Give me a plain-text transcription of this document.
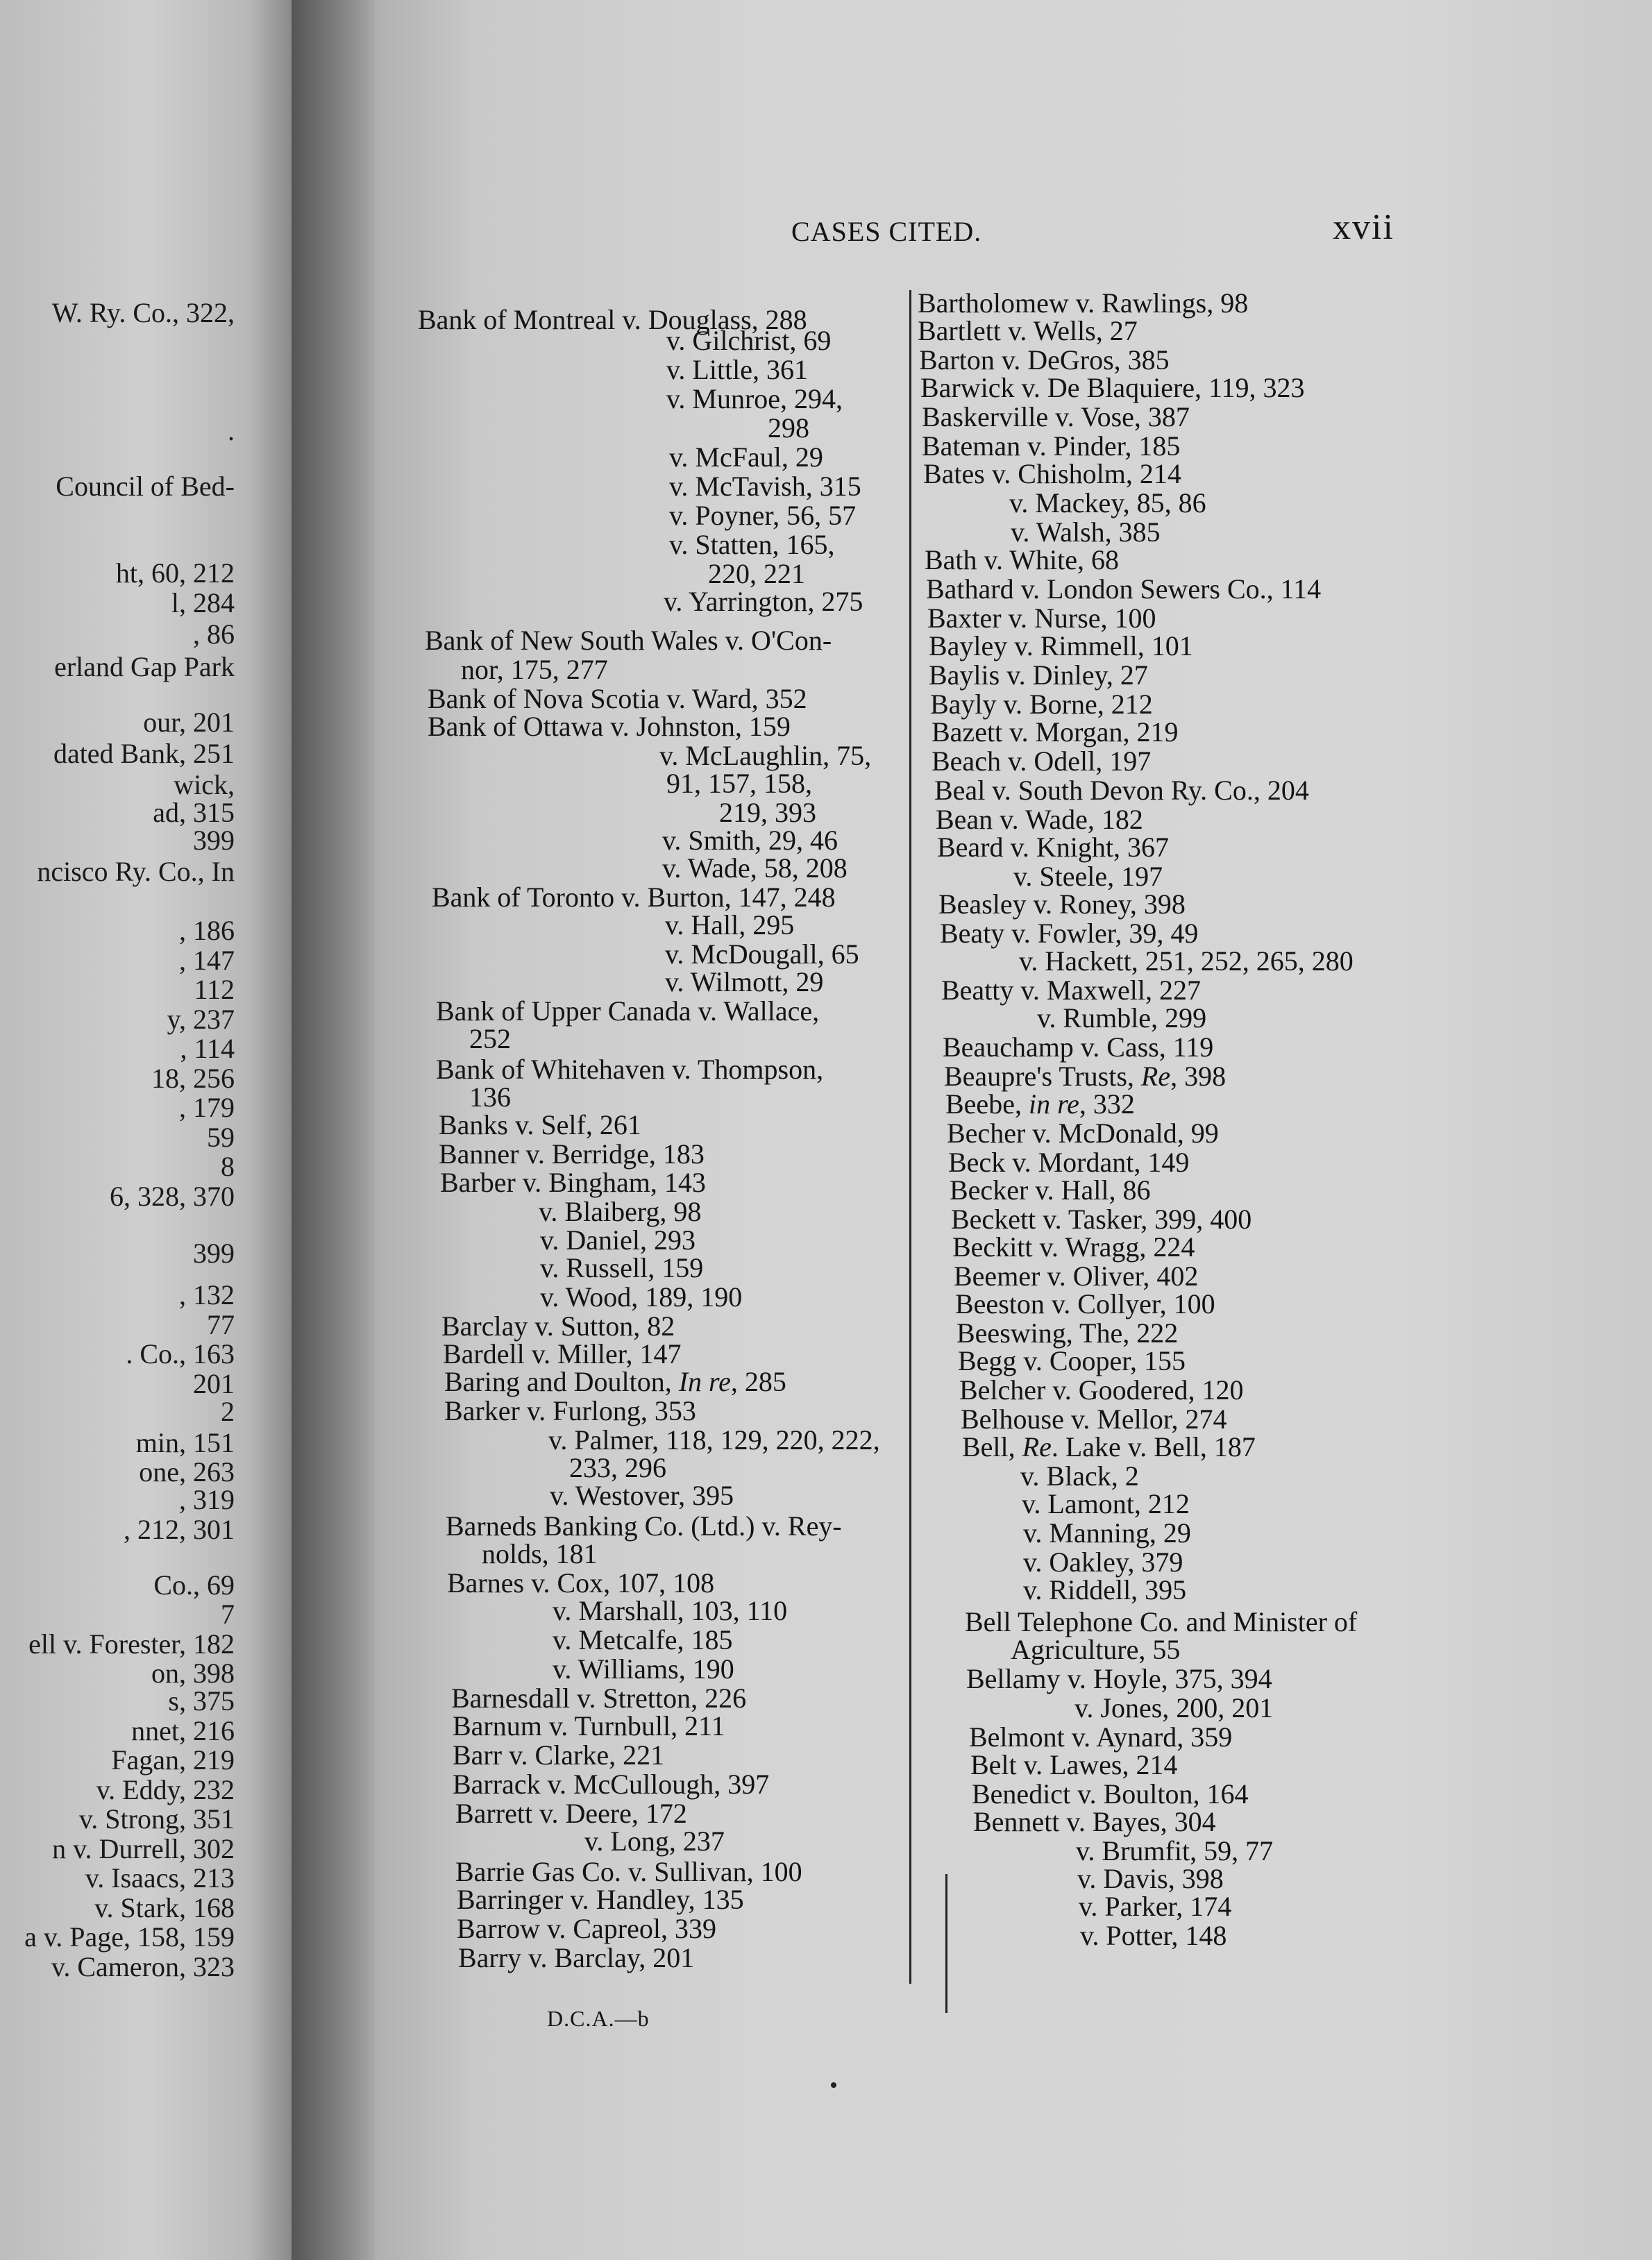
W. Ry. Co., 322,
.
Council of Bed-
ht, 60, 212
l, 284
, 86
erland Gap Park
our, 201
dated Bank, 251
wick,
ad, 315
399
ncisco Ry. Co., In
, 186
, 147
112
y, 237
, 114
18, 256
, 179
59
8
6, 328, 370
399
, 132
77
. Co., 163
201
2
min, 151
one, 263
, 319
, 212, 301
Co., 69
7
ell v. Forester, 182
on, 398
s, 375
nnet, 216
Fagan, 219
v. Eddy, 232
v. Strong, 351
n v. Durrell, 302
v. Isaacs, 213
v. Stark, 168
a v. Page, 158, 159
v. Cameron, 323
CASES CITED.	xvii
D.C.A.—b
Bank of Montreal v. Douglass, 288
v. Gilchrist, 69
v. Little, 361
v. Munroe, 294,
298
v. McFaul, 29
v. McTavish, 315
v. Poyner, 56, 57
v. Statten, 165,
220, 221
v. Yarrington, 275
Bank of New South Wales v. O'Con-
nor, 175, 277
Bank of Nova Scotia v. Ward, 352
Bank of Ottawa v. Johnston, 159
v. McLaughlin, 75,
91, 157, 158,
219, 393
v. Smith, 29, 46
v. Wade, 58, 208
Bank of Toronto v. Burton, 147, 248
v. Hall, 295
v. McDougall, 65
v. Wilmott, 29
Bank of Upper Canada v. Wallace,
252
Bank of Whitehaven v. Thompson,
136
Banks v. Self, 261
Banner v. Berridge, 183
Barber v. Bingham, 143
v. Blaiberg, 98
v. Daniel, 293
v. Russell, 159
v. Wood, 189, 190
Barclay v. Sutton, 82
Bardell v. Miller, 147
Baring and Doulton, In re, 285
Barker v. Furlong, 353
v. Palmer, 118, 129, 220, 222,
233, 296
v. Westover, 395
Barneds Banking Co. (Ltd.) v. Rey-
nolds, 181
Barnes v. Cox, 107, 108
v. Marshall, 103, 110
v. Metcalfe, 185
v. Williams, 190
Barnesdall v. Stretton, 226
Barnum v. Turnbull, 211
Barr v. Clarke, 221
Barrack v. McCullough, 397
Barrett v. Deere, 172
v. Long, 237
Barrie Gas Co. v. Sullivan, 100
Barringer v. Handley, 135
Barrow v. Capreol, 339
Barry v. Barclay, 201
Bartholomew v. Rawlings, 98
Bartlett v. Wells, 27
Barton v. DeGros, 385
Barwick v. De Blaquiere, 119, 323
Baskerville v. Vose, 387
Bateman v. Pinder, 185
Bates v. Chisholm, 214
v. Mackey, 85, 86
v. Walsh, 385
Bath v. White, 68
Bathard v. London Sewers Co., 114
Baxter v. Nurse, 100
Bayley v. Rimmell, 101
Baylis v. Dinley, 27
Bayly v. Borne, 212
Bazett v. Morgan, 219
Beach v. Odell, 197
Beal v. South Devon Ry. Co., 204
Bean v. Wade, 182
Beard v. Knight, 367
v. Steele, 197
Beasley v. Roney, 398
Beaty v. Fowler, 39, 49
v. Hackett, 251, 252, 265, 280
Beatty v. Maxwell, 227
v. Rumble, 299
Beauchamp v. Cass, 119
Beaupre's Trusts, Re, 398
Beebe, in re, 332
Becher v. McDonald, 99
Beck v. Mordant, 149
Becker v. Hall, 86
Beckett v. Tasker, 399, 400
Beckitt v. Wragg, 224
Beemer v. Oliver, 402
Beeston v. Collyer, 100
Beeswing, The, 222
Begg v. Cooper, 155
Belcher v. Goodered, 120
Belhouse v. Mellor, 274
Bell, Re. Lake v. Bell, 187
v. Black, 2
v. Lamont, 212
v. Manning, 29
v. Oakley, 379
v. Riddell, 395
Bell Telephone Co. and Minister of
Agriculture, 55
Bellamy v. Hoyle, 375, 394
v. Jones, 200, 201
Belmont v. Aynard, 359
Belt v. Lawes, 214
Benedict v. Boulton, 164
Bennett v. Bayes, 304
v. Brumfit, 59, 77
v. Davis, 398
v. Parker, 174
v. Potter, 148
